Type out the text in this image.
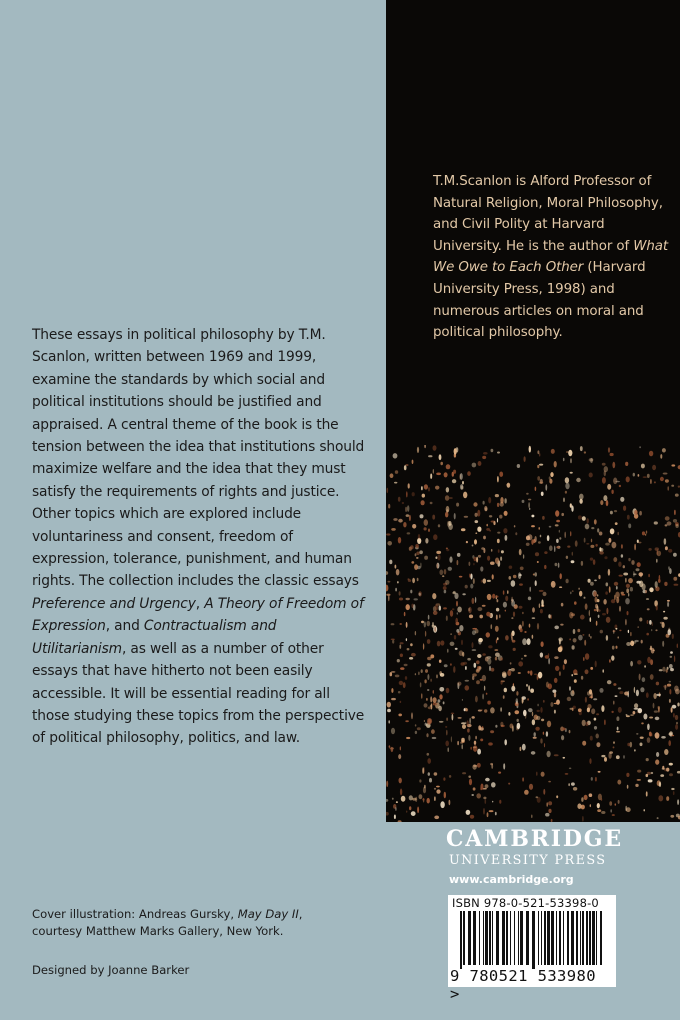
T.M.Scanlon is Alford Professor of Natural Religion, Moral Philosophy, and Civil Polity at Harvard University. He is the author of What We Owe to Each Other (Harvard University Press, 1998) and numerous articles on moral and political philosophy.
These essays in political philosophy by T.M. Scanlon, written between 1969 and 1999, examine the standards by which social and political institutions should be justified and appraised. A central theme of the book is the tension between the idea that institutions should maximize welfare and the idea that they must satisfy the requirements of rights and justice. Other topics which are explored include voluntariness and consent, freedom of expression, tolerance, punishment, and human rights. The collection includes the classic essays Preference and Urgency, A Theory of Freedom of Expression, and Contractualism and Utilitarianism, as well as a number of other essays that have hitherto not been easily accessible. It will be essential reading for all those studying these topics from the perspective of political philosophy, politics, and law.
Cover illustration: Andreas Gursky, May Day II,
courtesy Matthew Marks Gallery, New York.
Designed by Joanne Barker
CAMBRIDGE
UNIVERSITY PRESS
www.cambridge.org
ISBN 978-0-521-53398-0
9 780521 533980 >
